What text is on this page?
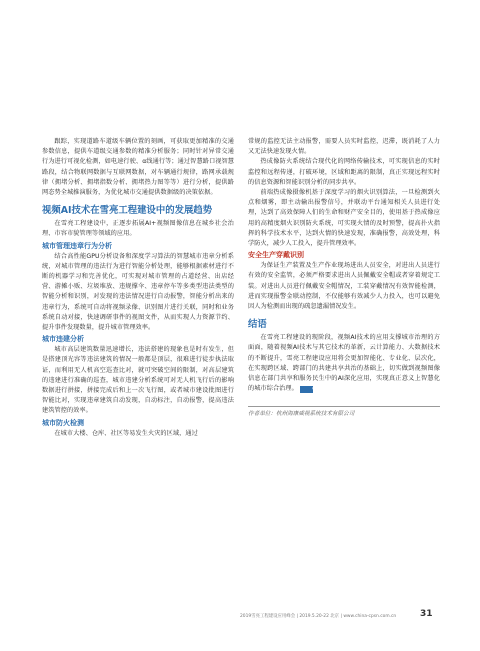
跟踪，实现道路车道级车辆位置的刻画，可获取更加精准的交通参数信息，提供车道级交通参数的精准分析服务；同时针对异常交通行为进行可视化检测，如电速行驶、α线通行等；通过智慧路口视智慧路段，结合物联网数据与互联网数据，对车辆通行规律，路网承载规律（拥堵分析、拥堵指数分析、拥堵热力图等等）进行分析，提供路网态势全城推演服务，为优化城市交通提供数据级的决策依据。

视频AI技术在雪亮工程建设中的发展趋势

在雪亮工程建设中，正逐步拓展AI+视频图像信息在城乡社会治理、市容市貌管理等领域的应用。

城市管理违章行为分析

结合高性能GPU分析设备和深度学习算法的智慧城市违章分析系统，对城市管理的违法行为进行智能分析处理，能够根据素材进行不断的机器学习和完善优化，可实现对城市管理的占道经营、出店经营、游摊小贩、垃圾堆放、违规撑伞、违章停车等多类型违法类型的智能分析和识别，对发现的违法情况进行自动报警，智能分析出来的违章行为，系统可自动将视频录像、识别图片进行关联，同时和业务系统自动对接，快速调研事件的视图文件，从而实现人力资源节约、提升事件发现数量，提升城市管理效率。

城市违建分析

城市高层建筑数量迅速增长，违法搭建的现象也是时有发生，但是搭建顶光容等违法建筑的情况一般都是顶层，很难进行徒步执法取证，而利用无人机高空巡查比对，就可突破空间的限制，对高层建筑的违建进行准确的巡查，城市违建分析系统可对无人机飞行后的影响数据进行拼接，拼接完成后和上一次飞行图，或者城市建设批图进行智能比对，实现违章建筑自动发现，自动标注，自动报警，提高违法建筑管控的效率。

城市防火检测

在城市大楼、仓库、社区等易发生火灾的区域，通过

常规的监控无法主动报警，需要人员实时监控，迟滞，既消耗了人力又无法快速发现火情。

热成像防火系统结合现代化的网络传输技术，可实现信息的实时监控和远程传递，打破环境，区域和距离的限制，真正实现远程实时的信息资源和智能识别分析的同步共享。

前端热成像摄像机基于深度学习的烟火识别算法，一旦检测到火点和烟雾，即主动输出报警信号，并联动平台通知相关人员进行处理，达到了高效保障人们的生命和财产安全目的，使用基于热成像应用的高精度烟火识别防火系统，可实现火情的及时预警，提高扑火指挥的科学技术水平，达到火情的快速发现，准确报警，高效处理，科学防火，减少人工投入，提升管理效率。

安全生产穿戴识别

为保证生产装置及生产作业现场进出人员安全，对进出人员进行有效的安全监管，必须严格要求进出人员佩戴安全帽或者穿着规定工装。对进出人员进行佩戴安全帽情况，工装穿戴情况有效智能检测，进而实现报警金联动控制，不仅能够有效减少人力投入，也可以避免因人为检测而出现的疏忽遗漏情况发生。

结语

在雪亮工程建设的现阶段，视频AI技术的应用支撑城市治理的方面面，随着视频AI技术与其它技术的革新，云计算能力、大数据技术的不断提升，雪亮工程建设应用将会更加智能化、专业化、层次化，在实现跨区域、跨部门的共建共享共治的基础上，切实做到视频图像信息在部门共享和服务民生中的AI深化应用，实现真正意义上智慧化的城市综合治理。	CPS

作者单位：杭州海康威视系统技术有限公司

2019雪亮工程建设应用峰会 | 2019.5.20-22 北京 | www.china-cpsn.com.cn	31
